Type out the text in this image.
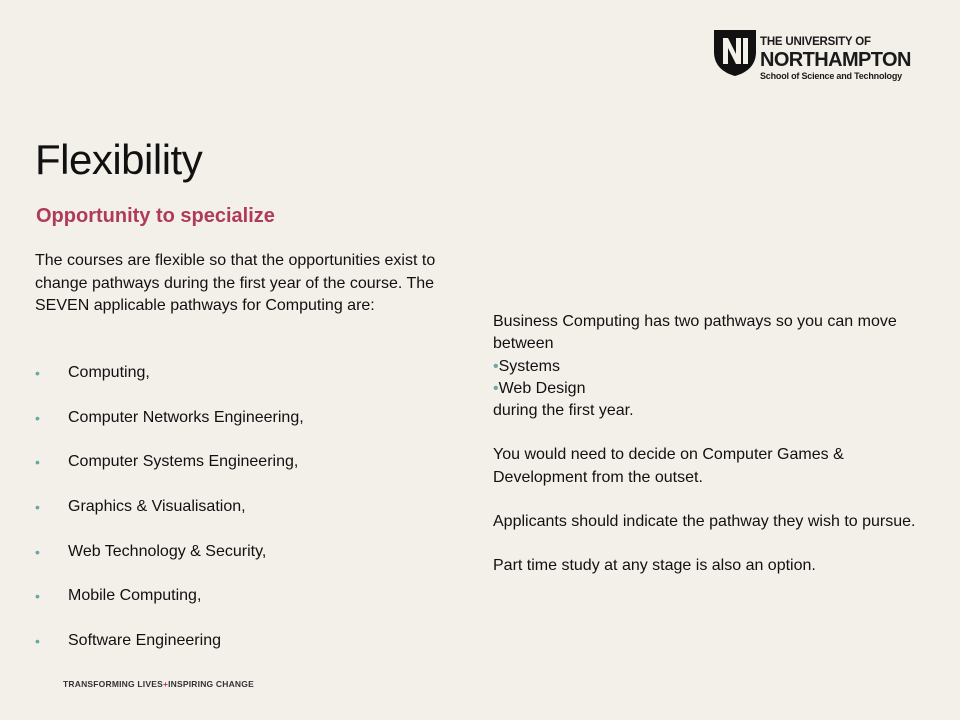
THE UNIVERSITY OF
NORTHAMPTON
School of Science and Technology
Flexibility
Opportunity to specialize

The courses are flexible so that the opportunities exist to change pathways during the first year of the course. The SEVEN applicable pathways for Computing are:

• Computing,
• Computer Networks Engineering,
• Computer Systems Engineering,
• Graphics & Visualisation,
• Web Technology & Security,
• Mobile Computing,
• Software Engineering

Business Computing has two pathways so you can move between

•Systems

•Web Design

during the first year.

You would need to decide on Computer Games & Development from the outset.

Applicants should indicate the pathway they wish to pursue.

Part time study at any stage is also an option.

TRANSFORMING LIVES+INSPIRING CHANGE
